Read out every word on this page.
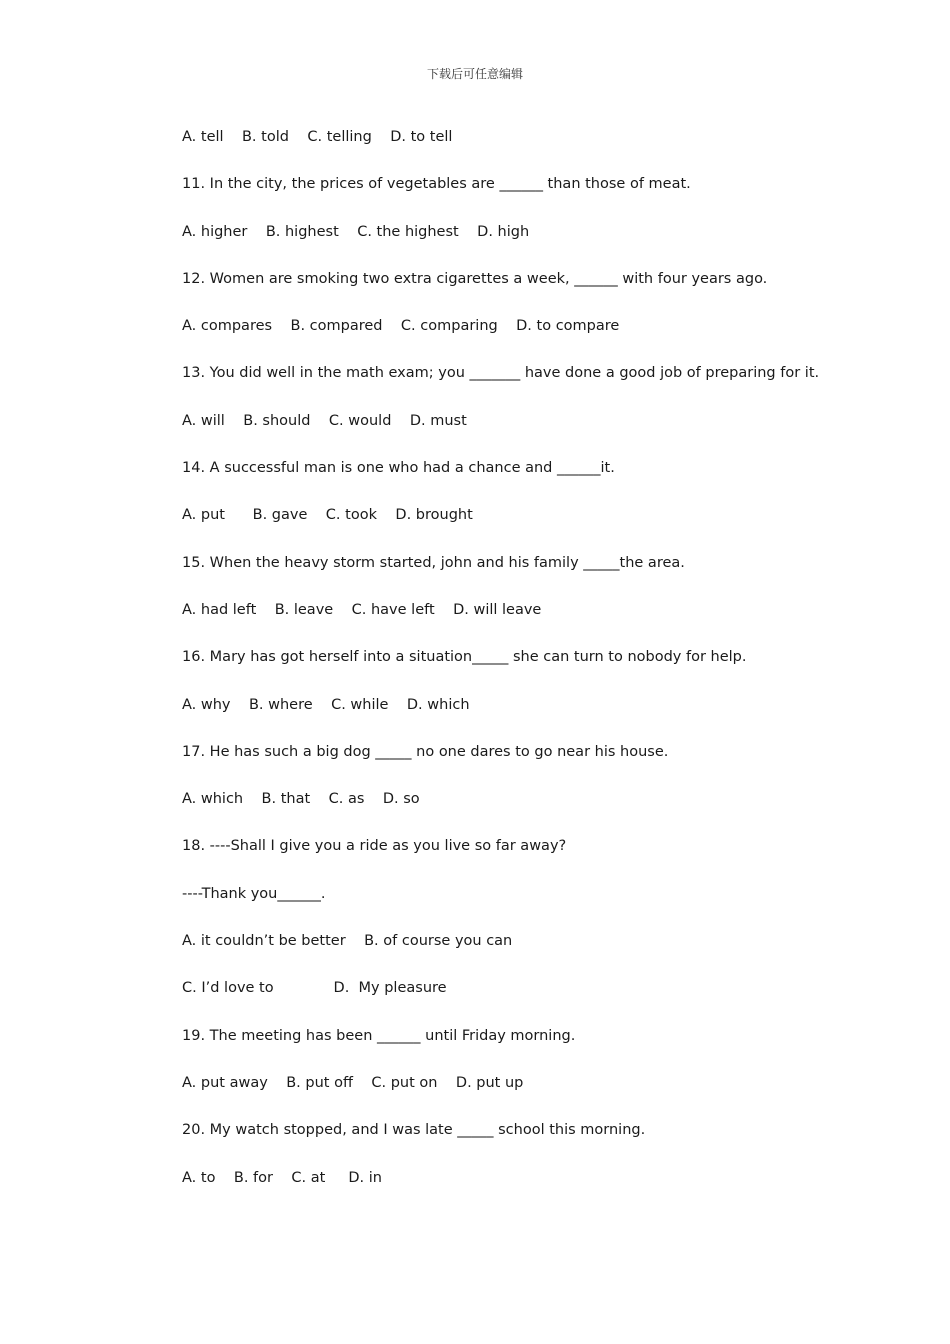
下载后可任意编辑
A. tell    B. told    C. telling    D. to tell
11. In the city, the prices of vegetables are ______ than those of meat.
A. higher    B. highest    C. the highest    D. high
12. Women are smoking two extra cigarettes a week, ______ with four years ago.
A. compares    B. compared    C. comparing    D. to compare
13. You did well in the math exam; you _______ have done a good job of preparing for it.
A. will    B. should    C. would    D. must
14. A successful man is one who had a chance and ______it.
A. put      B. gave    C. took    D. brought
15. When the heavy storm started, john and his family _____the area.
A. had left    B. leave    C. have left    D. will leave
16. Mary has got herself into a situation_____ she can turn to nobody for help.
A. why    B. where    C. while    D. which
17. He has such a big dog _____ no one dares to go near his house.
A. which    B. that    C. as    D. so
18. ----Shall I give you a ride as you live so far away?
----Thank you______.
A. it couldn’t be better    B. of course you can
C. I’d love to             D.  My pleasure
19. The meeting has been ______ until Friday morning.
A. put away    B. put off    C. put on    D. put up
20. My watch stopped, and I was late _____ school this morning.
A. to    B. for    C. at     D. in
